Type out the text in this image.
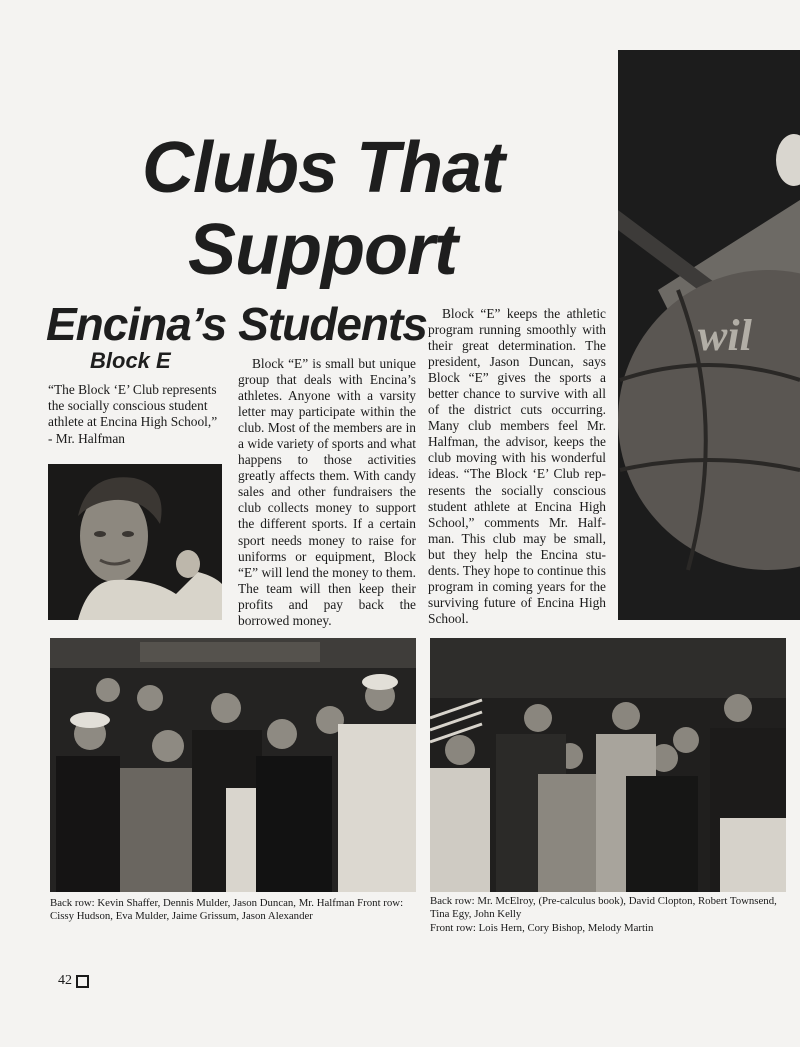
Clubs That
Support
Encina’s Students
Block E

“The Block ‘E’ Club represents the socially conscious student athlete at Encina High School,”
- Mr. Halfman

Block “E” is small but unique group that deals with Encina’s athletes. Anyone with a varsity letter may participate within the club. Most of the members are in a wide variety of sports and what happens to those activities greatly affects them. With candy sales and other fundraisers the club collects money to support the different sports. If a certain sport needs money to raise for uniforms or equipment, Block “E” will lend the money to them. The team will then keep their profits and pay back the borrowed money.

Block “E” keeps the athletic program running smoothly with their great determination. The president, Jason Duncan, says Block “E” gives the sports a better chance to survive with all of the district cuts occurring. Many club members feel Mr. Halfman, the advisor, keeps the club moving with his wonderful ideas. “The Block ‘E’ Club represents the socially conscious student athlete at Encina High School,” comments Mr. Halfman. This club may be small, but they help the Encina students. They hope to continue this program in coming years for the surviving future of Encina High School.

wil

Back row: Kevin Shaffer, Dennis Mulder, Jason Duncan, Mr. Halfman Front row: Cissy Hudson, Eva Mulder, Jaime Grissum, Jason Alexander

Back row: Mr. McElroy, (Pre-calculus book), David Clopton, Robert Townsend, Tina Egy, John Kelly
Front row: Lois Hern, Cory Bishop, Melody Martin

42
